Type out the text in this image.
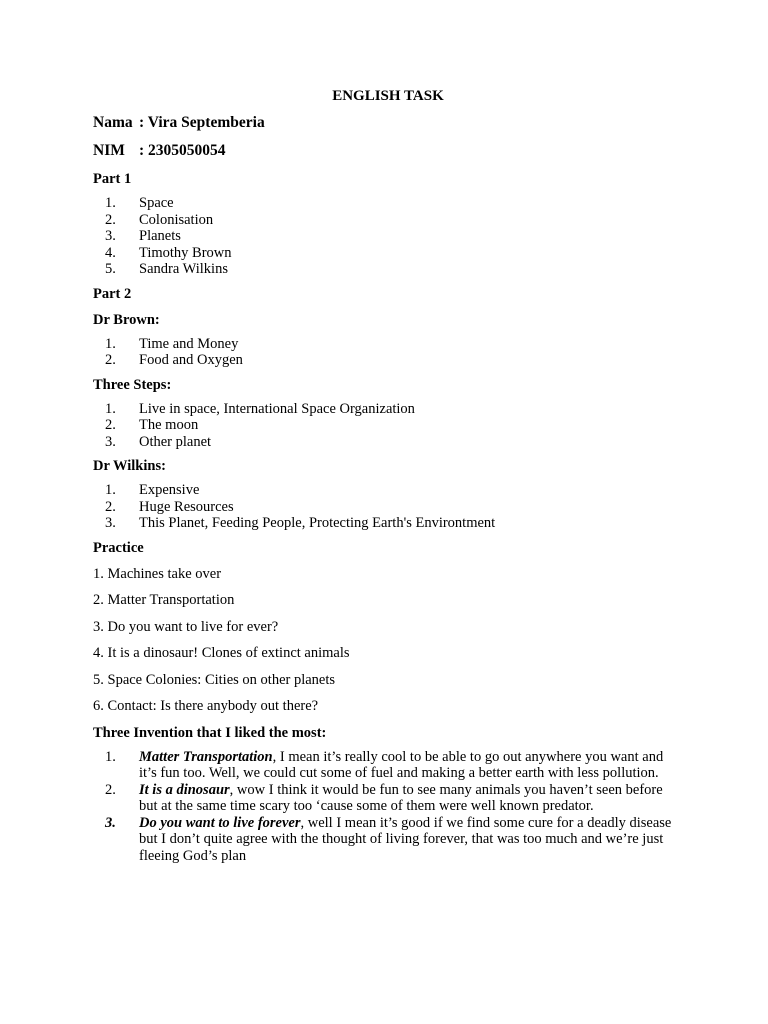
ENGLISH TASK
Nama : Vira Septemberia
NIM : 2305050054
Part 1
1.	Space
2.	Colonisation
3.	Planets
4.	Timothy Brown
5.	Sandra Wilkins
Part 2
Dr Brown:
1.	Time and Money
2.	Food and Oxygen
Three Steps:
1.	Live in space, International Space Organization
2.	The moon
3.	Other planet
Dr Wilkins:
1.	Expensive
2.	Huge Resources
3.	This Planet, Feeding People, Protecting Earth's Environtment
Practice
1. Machines take over
2. Matter Transportation
3. Do you want to live for ever?
4. It is a dinosaur! Clones of extinct animals
5. Space Colonies: Cities on other planets
6. Contact: Is there anybody out there?
Three Invention that I liked the most:
1.	Matter Transportation, I mean it’s really cool to be able to go out anywhere you want and it’s fun too. Well, we could cut some of fuel and making a better earth with less pollution.
2.	It is a dinosaur, wow I think it would be fun to see many animals you haven’t seen before but at the same time scary too ‘cause some of them were well known predator.
3.	Do you want to live forever, well I mean it’s good if we find some cure for a deadly disease but I don’t quite agree with the thought of living forever, that was too much and we’re just fleeing God’s plan
